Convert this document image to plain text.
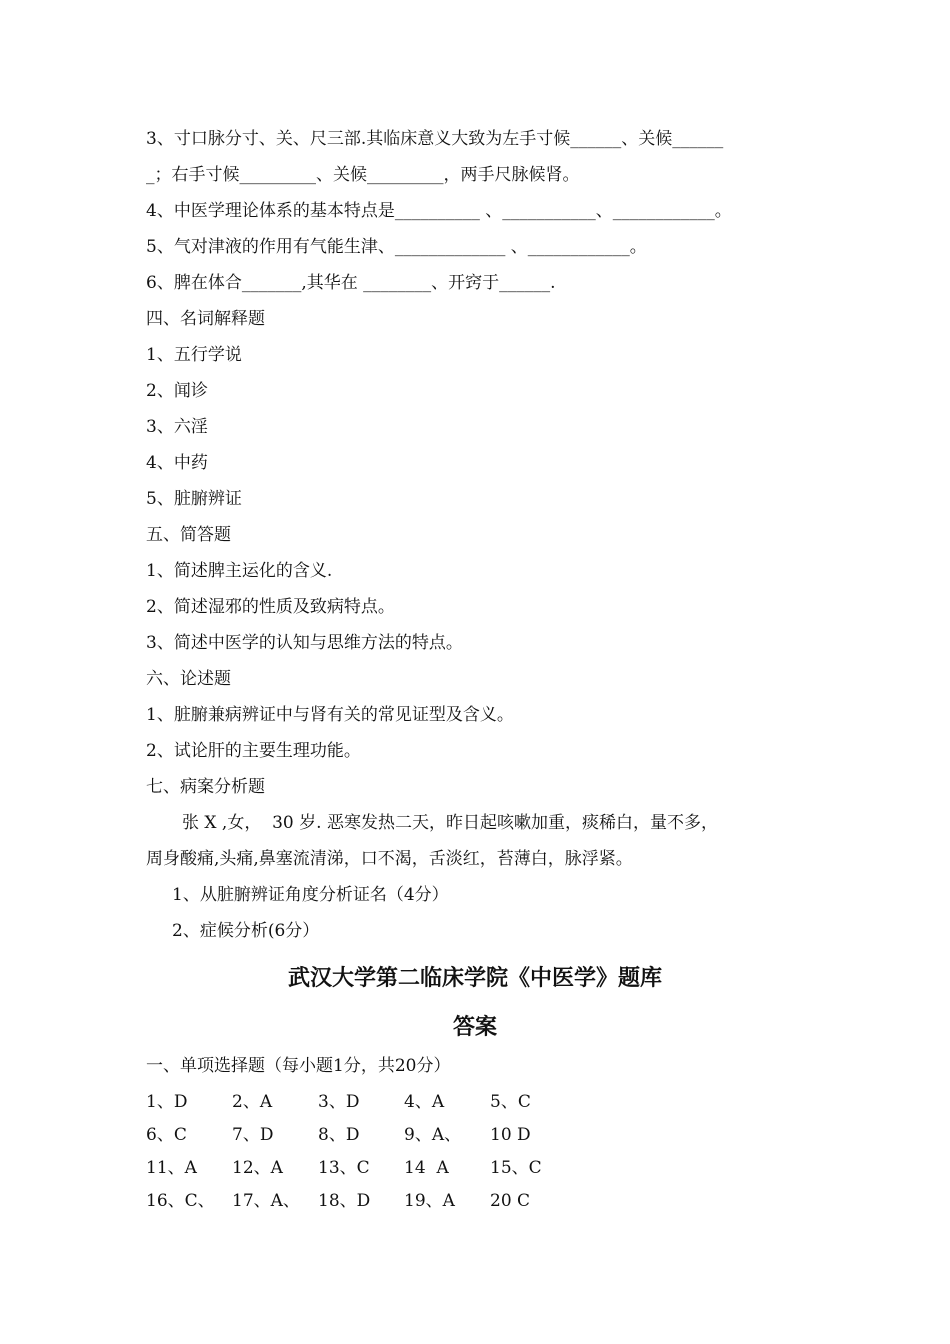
3、寸口脉分寸、关、尺三部.其临床意义大致为左手寸候______、关候______

_；右手寸候_________、关候_________，两手尺脉候肾。

4、中医学理论体系的基本特点是__________ 、___________、____________。

5、气对津液的作用有气能生津、_____________ 、____________。

6、脾在体合_______,其华在 ________、开窍于______.

四、名词解释题

1、五行学说

2、闻诊

3、六淫

4、中药

5、脏腑辨证

五、简答题

1、简述脾主运化的含义.

2、简述湿邪的性质及致病特点。

3、简述中医学的认知与思维方法的特点。

六、论述题

1、脏腑兼病辨证中与肾有关的常见证型及含义。

2、试论肝的主要生理功能。

七、病案分析题

张 X ,女，  30 岁. 恶寒发热二天，昨日起咳嗽加重，痰稀白，量不多，

周身酸痛,头痛,鼻塞流清涕，口不渴，舌淡红，苔薄白，脉浮紧。

1、从脏腑辨证角度分析证名（4分）

2、症候分析(6分）

武汉大学第二临床学院《中医学》题库
答案

一、单项选择题（每小题1分，共20分）

1、D	2、A	3、D	4、A	5、C
6、C	7、D	8、D	9、A、 10 D
11、A 12、A 13、C 14  A 15、C
16、C、 17、A、 18、D 19、A 20 C
